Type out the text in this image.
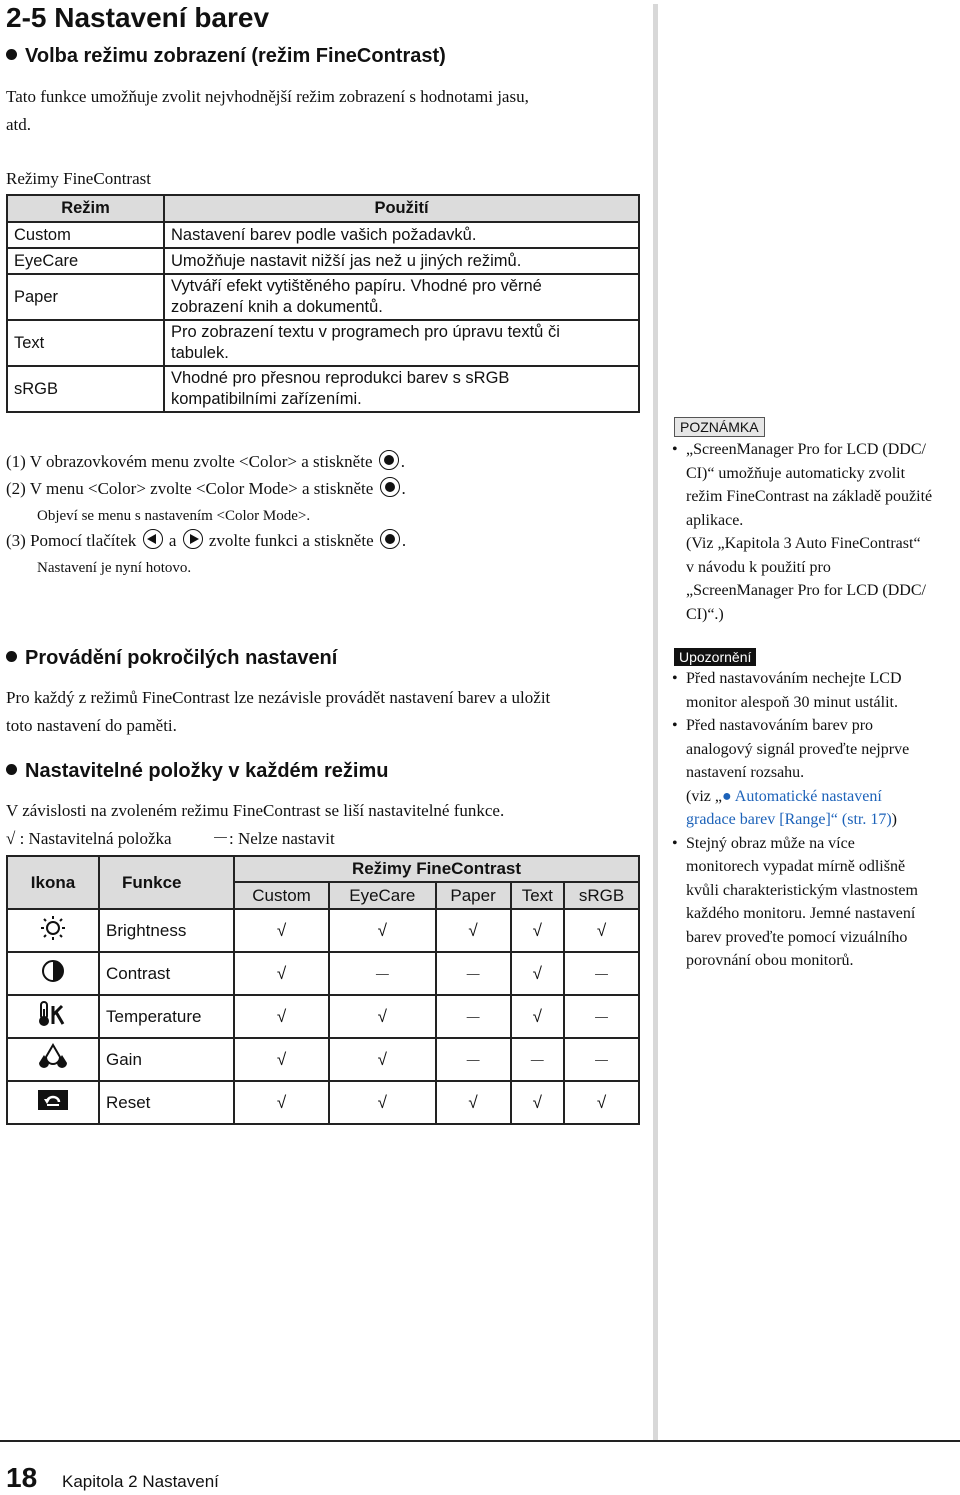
2-5 Nastavení barev
Volba režimu zobrazení (režim FineContrast)
Tato funkce umožňuje zvolit nejvhodnější režim zobrazení s hodnotami jasu,
atd.
Režimy FineContrast
Režim	Použití
Custom	Nastavení barev podle vašich požadavků.
EyeCare	Umožňuje nastavit nižší jas než u jiných režimů.
Paper	Vytváří efekt vytištěného papíru. Vhodné pro věrné
zobrazení knih a dokumentů.

Text	Pro zobrazení textu v programech pro úpravu textů či
tabulek.

sRGB	Vhodné pro přesnou reprodukci barev s sRGB
kompatibilními zařízeními.
(1) V obrazovkovém menu zvolte <Color> a stiskněte .
(2) V menu <Color> zvolte <Color Mode> a stiskněte .
Objeví se menu s nastavením <Color Mode>.
(3) Pomocí tlačítek a zvolte funkci a stiskněte .
Nastavení je nyní hotovo.
Provádění pokročilých nastavení
Pro každý z režimů FineContrast lze nezávisle provádět nastavení barev a uložit
toto nastavení do paměti.
Nastavitelné položky v každém režimu
V závislosti na zvoleném režimu FineContrast se liší nastavitelné funkce.
√ : Nastavitelná položka －: Nelze nastavit
Ikona	Funkce	Režimy FineContrast				
		Custom	EyeCare	Paper	Text	sRGB
	Brightness	√	√	√	√	√
	Contrast	√	－	－	√	－
	Temperature	√	√	－	√	－
	Gain	√	√	－	－	－
	Reset	√	√	√	√	√
POZNÁMKA
• „ScreenManager Pro for LCD (DDC/
CI)“ umožňuje automaticky zvolit
režim FineContrast na základě použité
aplikace.
(Viz „Kapitola 3 Auto FineContrast“
v návodu k použití pro
„ScreenManager Pro for LCD (DDC/
CI)“.)
Upozornění
• Před nastavováním nechejte LCD
monitor alespoň 30 minut ustálit.
• Před nastavováním barev pro
analogový signál proveďte nejprve
nastavení rozsahu.
(viz „● Automatické nastavení
gradace barev [Range]“ (str. 17))
• Stejný obraz může na více
monitorech vypadat mírně odlišně
kvůli charakteristickým vlastnostem
každého monitoru. Jemné nastavení
barev proveďte pomocí vizuálního
porovnání obou monitorů.
18 Kapitola 2 Nastavení
